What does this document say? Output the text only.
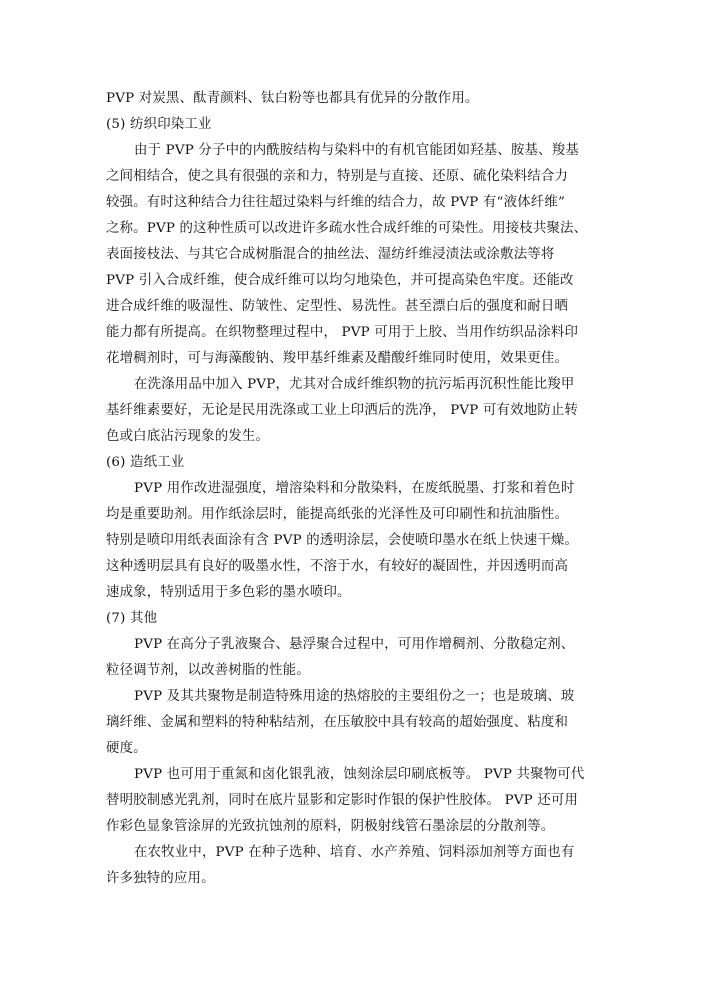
PVP 对炭黑、酞青颜料、钛白粉等也都具有优异的分散作用。
(5) 纺织印染工业
由于 PVP 分子中的内酰胺结构与染料中的有机官能团如羟基、胺基、羧基
之间相结合，使之具有很强的亲和力，特别是与直接、还原、硫化染料结合力
较强。有时这种结合力往往超过染料与纤维的结合力，故 PVP 有“液体纤维”
之称。PVP 的这种性质可以改进许多疏水性合成纤维的可染性。用接枝共聚法、
表面接枝法、与其它合成树脂混合的抽丝法、湿纺纤维浸渍法或涂敷法等将
PVP 引入合成纤维，使合成纤维可以均匀地染色，并可提高染色牢度。还能改
进合成纤维的吸湿性、防皱性、定型性、易洗性。甚至漂白后的强度和耐日晒
能力都有所提高。在织物整理过程中， PVP 可用于上胶、当用作纺织品涂料印
花增稠剂时，可与海藻酸钠、羧甲基纤维素及醋酸纤维同时使用，效果更佳。
在洗涤用品中加入 PVP，尤其对合成纤维织物的抗污垢再沉积性能比羧甲
基纤维素要好，无论是民用洗涤或工业上印洒后的洗净， PVP 可有效地防止转
色或白底沾污现象的发生。
(6) 造纸工业
PVP 用作改进湿强度，增溶染料和分散染料，在废纸脱墨、打浆和着色时
均是重要助剂。用作纸涂层时，能提高纸张的光泽性及可印刷性和抗油脂性。
特别是喷印用纸表面涂有含 PVP 的透明涂层，会使喷印墨水在纸上快速干燥。
这种透明层具有良好的吸墨水性，不溶于水，有较好的凝固性，并因透明而高
速成象，特别适用于多色彩的墨水喷印。
(7) 其他
PVP 在高分子乳液聚合、悬浮聚合过程中，可用作增稠剂、分散稳定剂、
粒径调节剂，以改善树脂的性能。
PVP 及其共聚物是制造特殊用途的热熔胶的主要组份之一；也是玻璃、玻
璃纤维、金属和塑料的特种粘结剂，在压敏胶中具有较高的超始强度、粘度和
硬度。
PVP 也可用于重氮和卤化银乳液，蚀刻涂层印刷底板等。 PVP 共聚物可代
替明胶制感光乳剂，同时在底片显影和定影时作银的保护性胶体。 PVP 还可用
作彩色显象管涂屏的光致抗蚀剂的原料，阴极射线管石墨涂层的分散剂等。
在农牧业中，PVP 在种子选种、培育、水产养殖、饲料添加剂等方面也有
许多独特的应用。
